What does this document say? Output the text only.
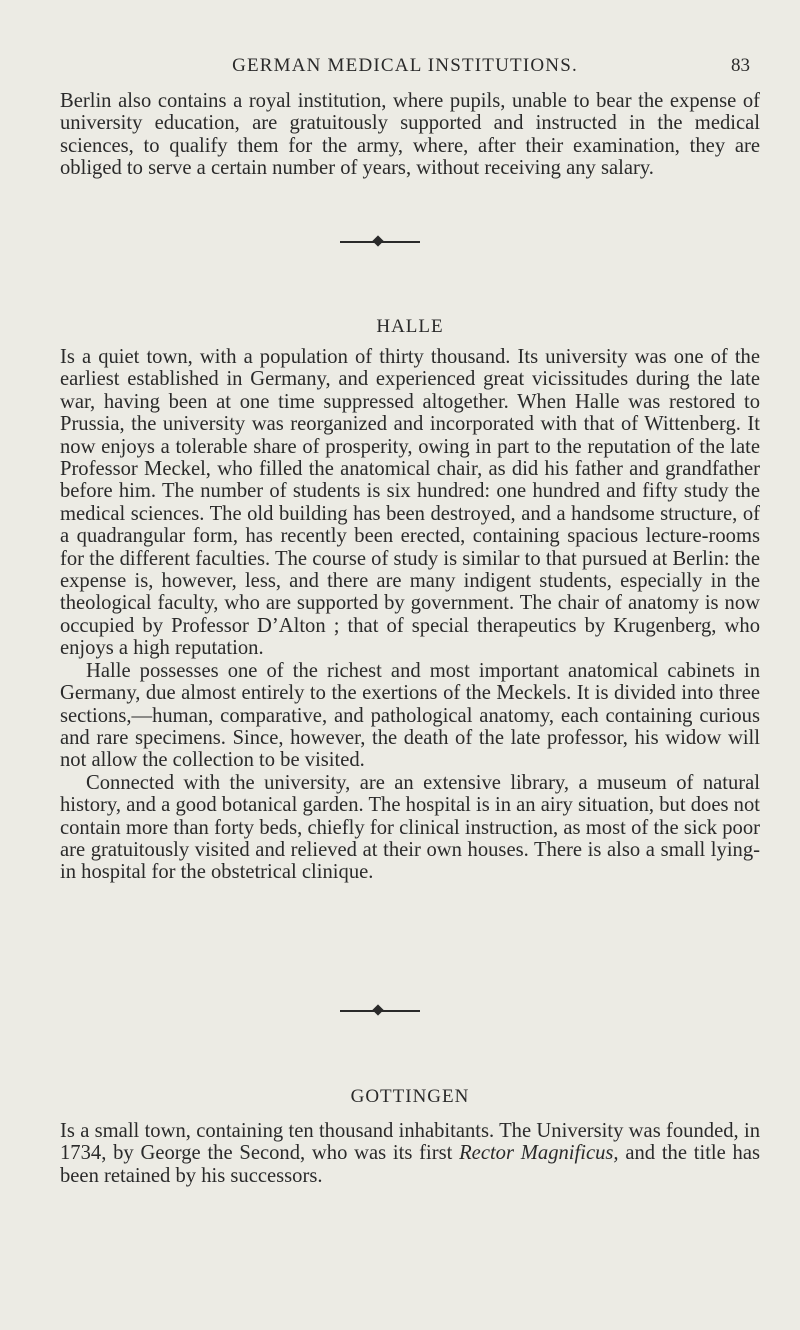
GERMAN MEDICAL INSTITUTIONS.	83

Berlin also contains a royal institution, where pupils, unable to bear the expense of university education, are gratuitously supported and instructed in the medical sciences, to qualify them for the army, where, after their examination, they are obliged to serve a certain number of years, without receiving any salary.

HALLE

Is a quiet town, with a population of thirty thousand. Its university was one of the earliest established in Germany, and experienced great vicissitudes during the late war, having been at one time suppressed altogether. When Halle was restored to Prussia, the university was reorganized and incorporated with that of Wittenberg. It now enjoys a tolerable share of prosperity, owing in part to the reputation of the late Professor Meckel, who filled the anatomical chair, as did his father and grandfather before him. The number of students is six hundred: one hundred and fifty study the medical sciences. The old building has been destroyed, and a handsome structure, of a quadrangular form, has recently been erected, containing spacious lecture-rooms for the different faculties. The course of study is similar to that pursued at Berlin: the expense is, however, less, and there are many indigent students, especially in the theological faculty, who are supported by government. The chair of anatomy is now occupied by Professor D’Alton ; that of special therapeutics by Krugenberg, who enjoys a high reputation.

Halle possesses one of the richest and most important anatomical cabinets in Germany, due almost entirely to the exertions of the Meckels. It is divided into three sections,—human, comparative, and pathological anatomy, each containing curious and rare specimens. Since, however, the death of the late professor, his widow will not allow the collection to be visited.

Connected with the university, are an extensive library, a museum of natural history, and a good botanical garden. The hospital is in an airy situation, but does not contain more than forty beds, chiefly for clinical instruction, as most of the sick poor are gratuitously visited and relieved at their own houses. There is also a small lying-in hospital for the obstetrical clinique.

GOTTINGEN

Is a small town, containing ten thousand inhabitants. The University was founded, in 1734, by George the Second, who was its first Rector Magnificus, and the title has been retained by his successors.
